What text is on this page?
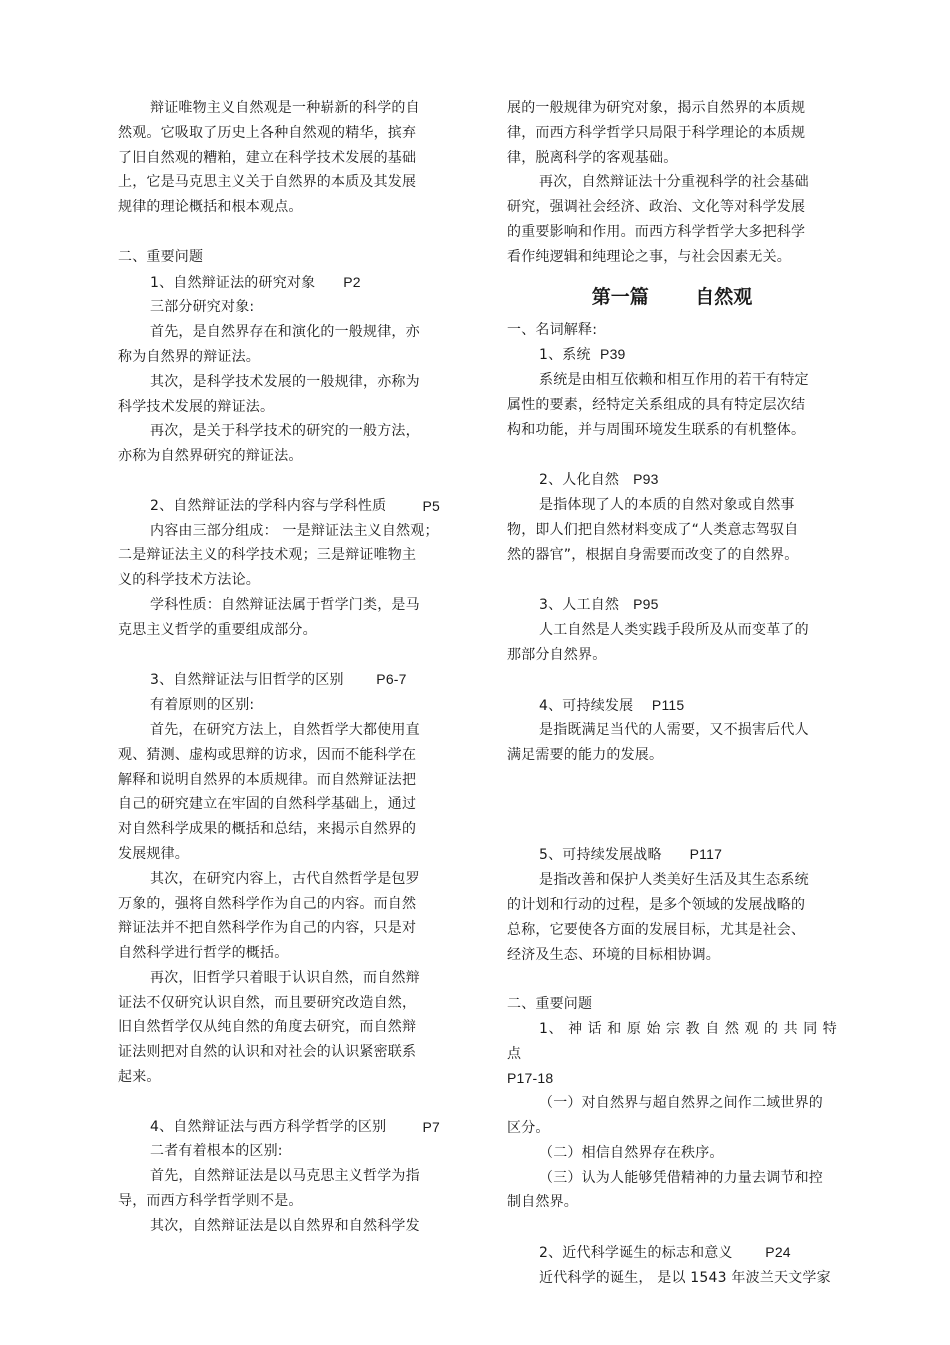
辩证唯物主义自然观是一种崭新的科学的自

然观。它吸取了历史上各种自然观的精华，摈弃

了旧自然观的糟粕，建立在科学技术发展的基础

上，它是马克思主义关于自然界的本质及其发展

规律的理论概括和根本观点。

二、重要问题

1、自然辩证法的研究对象 P2

三部分研究对象:

首先，是自然界存在和演化的一般规律，亦

称为自然界的辩证法。

其次，是科学技术发展的一般规律，亦称为

科学技术发展的辩证法。

再次，是关于科学技术的研究的一般方法，

亦称为自然界研究的辩证法。

2、自然辩证法的学科内容与学科性质	P5

内容由三部分组成： 一是辩证法主义自然观；

二是辩证法主义的科学技术观；三是辩证唯物主

义的科学技术方法论。

学科性质：自然辩证法属于哲学门类，是马

克思主义哲学的重要组成部分。

3、自然辩证法与旧哲学的区别 P6-7

有着原则的区别:

首先，在研究方法上，自然哲学大都使用直

观、猜测、虚构或思辩的访求，因而不能科学在

解释和说明自然界的本质规律。而自然辩证法把

自己的研究建立在牢固的自然科学基础上，通过

对自然科学成果的概括和总结，来揭示自然界的

发展规律。

其次，在研究内容上，古代自然哲学是包罗

万象的，强将自然科学作为自己的内容。而自然

辩证法并不把自然科学作为自己的内容，只是对

自然科学进行哲学的概括。

再次，旧哲学只着眼于认识自然，而自然辩

证法不仅研究认识自然，而且要研究改造自然，

旧自然哲学仅从纯自然的角度去研究，而自然辩

证法则把对自然的认识和对社会的认识紧密联系

起来。

4、自然辩证法与西方科学哲学的区别	P7

二者有着根本的区别:

首先，自然辩证法是以马克思主义哲学为指

导，而西方科学哲学则不是。

其次，自然辩证法是以自然界和自然科学发

展的一般规律为研究对象，揭示自然界的本质规

律，而西方科学哲学只局限于科学理论的本质规

律，脱离科学的客观基础。

再次，自然辩证法十分重视科学的社会基础

研究，强调社会经济、政治、文化等对科学发展

的重要影响和作用。而西方科学哲学大多把科学

看作纯逻辑和纯理论之事，与社会因素无关。

第一篇 自然观

一、名词解释:

1、系统 P39

系统是由相互依赖和相互作用的若干有特定

属性的要素，经特定关系组成的具有特定层次结

构和功能，并与周围环境发生联系的有机整体。

2、人化自然 P93

是指体现了人的本质的自然对象或自然事

物，即人们把自然材料变成了“人类意志驾驭自

然的器官”，根据自身需要而改变了的自然界。

3、人工自然 P95

人工自然是人类实践手段所及从而变革了的

那部分自然界。

4、可持续发展 P115

是指既满足当代的人需要，又不损害后代人

满足需要的能力的发展。

5、可持续发展战略 P117

是指改善和保护人类美好生活及其生态系统

的计划和行动的过程，是多个领域的发展战略的

总称，它要使各方面的发展目标，尤其是社会、

经济及生态、环境的目标相协调。

二、重要问题

1、 神 话 和 原 始 宗 教 自 然 观 的 共 同 特 点

P17-18

（一）对自然界与超自然界之间作二域世界的

区分。

（二）相信自然界存在秩序。

（三）认为人能够凭借精神的力量去调节和控

制自然界。

2、近代科学诞生的标志和意义 P24

近代科学的诞生， 是以 1543 年波兰天文学家
